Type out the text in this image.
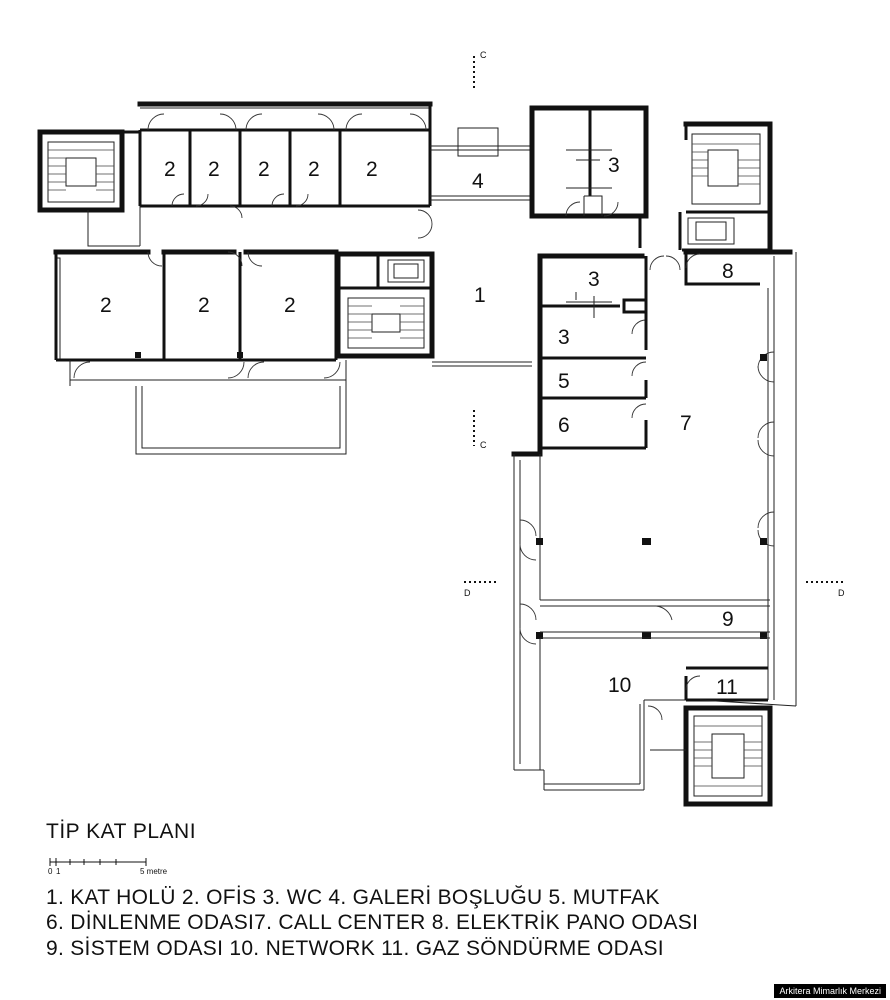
2 2 2 2 2
2	2	2
4
1
3
8
3
3
5
6	7
9
10	11
C
C
D	D
TİP KAT PLANI
0 1	5 metre
1. KAT HOLÜ 2. OFİS 3. WC 4. GALERİ BOŞLUĞU 5. MUTFAK
6. DİNLENME ODASI7. CALL CENTER 8. ELEKTRİK PANO ODASI
9. SİSTEM ODASI 10. NETWORK 11. GAZ SÖNDÜRME ODASI
Arkitera Mimarlık Merkezi
